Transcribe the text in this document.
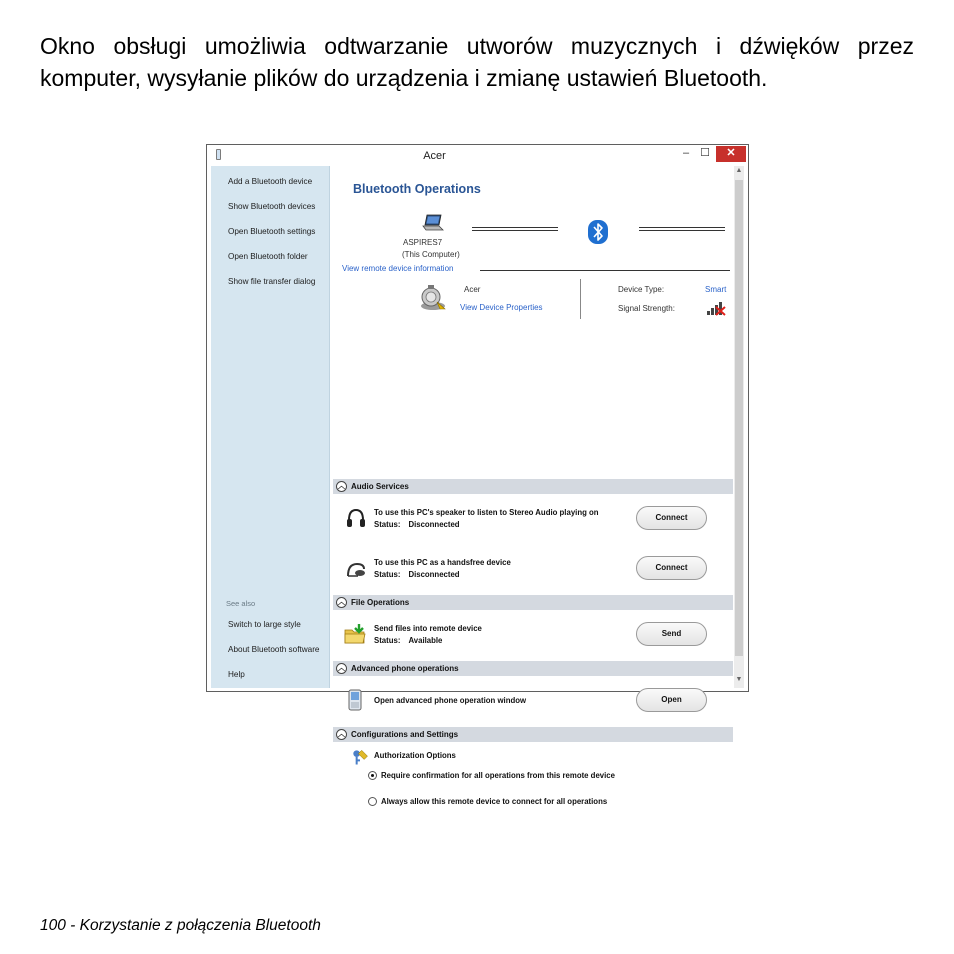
Okno obsługi umożliwia odtwarzanie utworów muzycznych i dźwięków przez komputer, wysyłanie plików do urządzenia i zmianę ustawień Bluetooth.

Acer	–	☐	✕
Add a Bluetooth device
Show Bluetooth devices
Open Bluetooth settings
Open Bluetooth folder
Show file transfer dialog
See also
Switch to large style
About Bluetooth software
Help
Bluetooth Operations
ASPIRES7
(This Computer)
View remote device information
Acer
View Device Properties
Device Type:	Smart
Signal Strength:
︿ Audio Services
To use this PC's speaker to listen to Stereo Audio playing on
Status: Disconnected
Connect
To use this PC as a handsfree device
Status: Disconnected
Connect
︿ File Operations
Send files into remote device
Status: Available
Send
︿ Advanced phone operations
Open advanced phone operation window	Open
︿ Configurations and Settings
Authorization Options
Require confirmation for all operations from this remote device
Always allow this remote device to connect for all operations
▲
▼
100 - Korzystanie z połączenia Bluetooth
